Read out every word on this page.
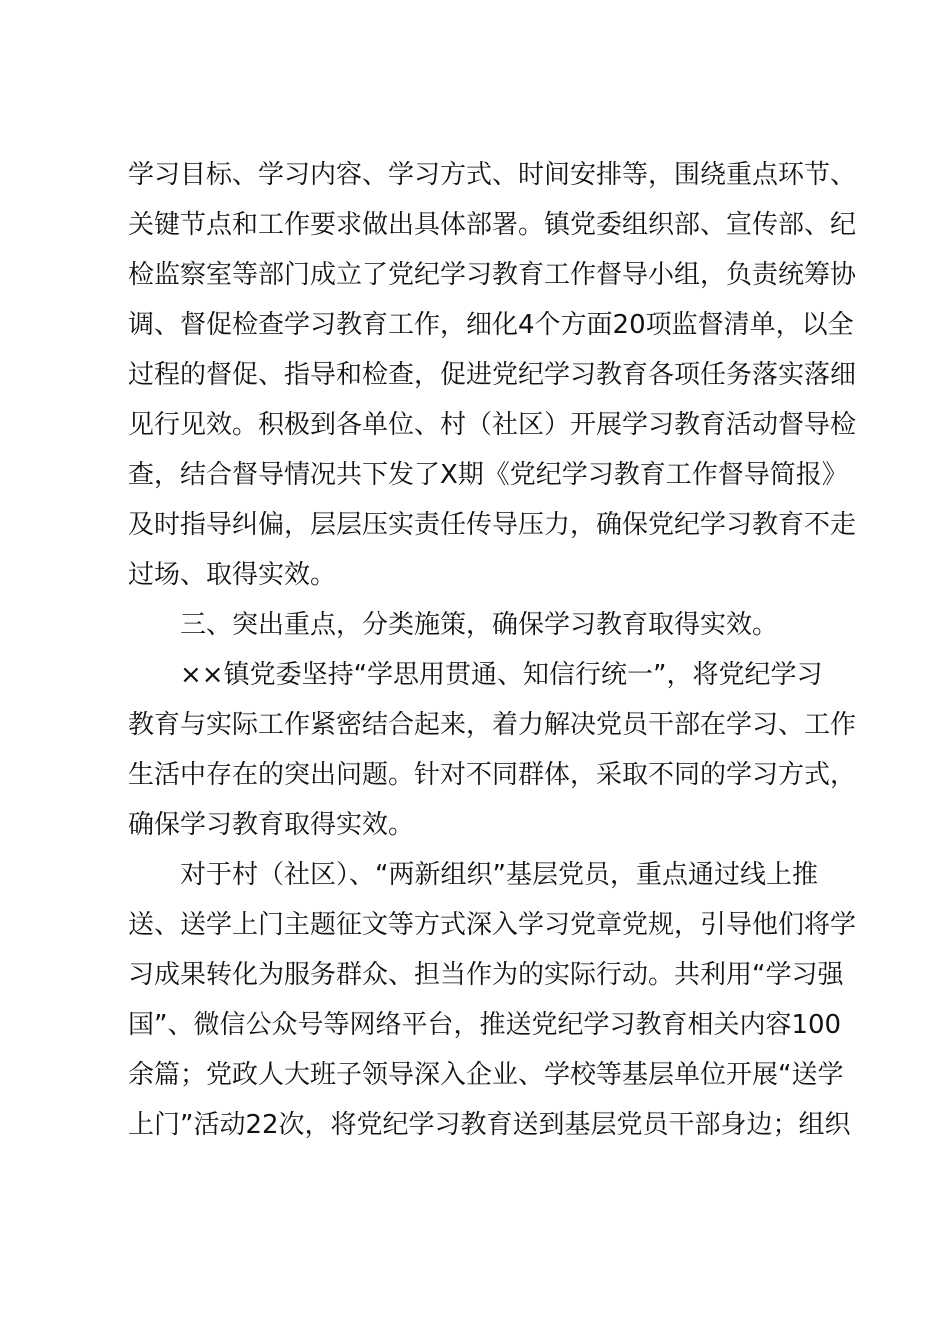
学习目标、学习内容、学习方式、时间安排等，围绕重点环节、
关键节点和工作要求做出具体部署。镇党委组织部、宣传部、纪
检监察室等部门成立了党纪学习教育工作督导小组，负责统筹协
调、督促检查学习教育工作，细化4个方面20项监督清单，以全
过程的督促、指导和检查，促进党纪学习教育各项任务落实落细
见行见效。积极到各单位、村（社区）开展学习教育活动督导检
查，结合督导情况共下发了X期《党纪学习教育工作督导简报》
及时指导纠偏，层层压实责任传导压力，确保党纪学习教育不走
过场、取得实效。
三、突出重点，分类施策，确保学习教育取得实效。
××镇党委坚持“学思用贯通、知信行统一”，将党纪学习
教育与实际工作紧密结合起来，着力解决党员干部在学习、工作
生活中存在的突出问题。针对不同群体，采取不同的学习方式，
确保学习教育取得实效。
对于村（社区）、“两新组织”基层党员，重点通过线上推
送、送学上门主题征文等方式深入学习党章党规，引导他们将学
习成果转化为服务群众、担当作为的实际行动。共利用“学习强
国”、微信公众号等网络平台，推送党纪学习教育相关内容100
余篇；党政人大班子领导深入企业、学校等基层单位开展“送学
上门”活动22次，将党纪学习教育送到基层党员干部身边；组织
